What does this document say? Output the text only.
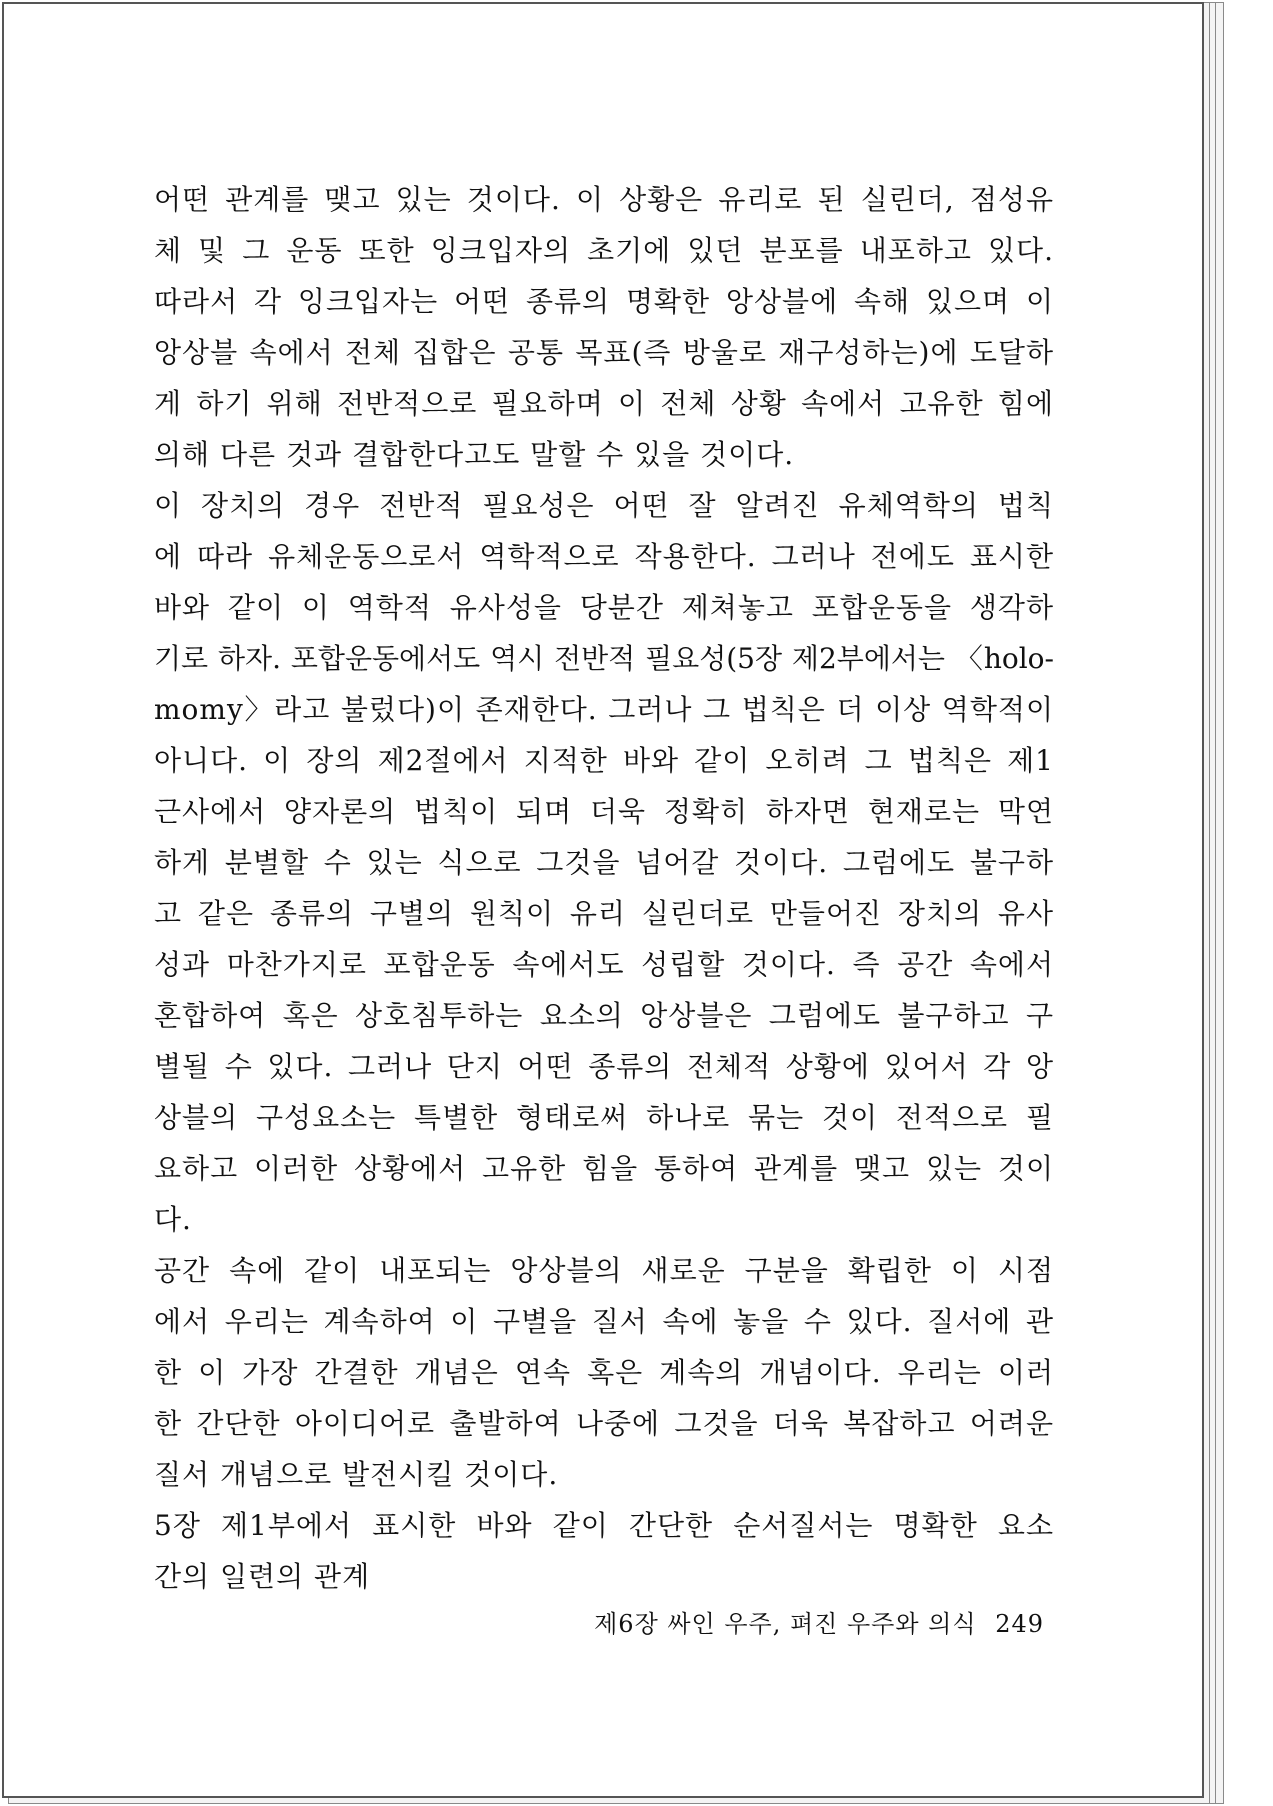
어떤 관계를 맺고 있는 것이다. 이 상황은 유리로 된 실린더, 점성유
체 및 그 운동 또한 잉크입자의 초기에 있던 분포를 내포하고 있다.
따라서 각 잉크입자는 어떤 종류의 명확한 앙상블에 속해 있으며 이
앙상블 속에서 전체 집합은 공통 목표(즉 방울로 재구성하는)에 도달하
게 하기 위해 전반적으로 필요하며 이 전체 상황 속에서 고유한 힘에
의해 다른 것과 결합한다고도 말할 수 있을 것이다.
이 장치의 경우 전반적 필요성은 어떤 잘 알려진 유체역학의 법칙
에 따라 유체운동으로서 역학적으로 작용한다. 그러나 전에도 표시한
바와 같이 이 역학적 유사성을 당분간 제쳐놓고 포합운동을 생각하
기로 하자. 포합운동에서도 역시 전반적 필요성(5장 제2부에서는 〈holo-
momy〉라고 불렀다)이 존재한다. 그러나 그 법칙은 더 이상 역학적이
아니다. 이 장의 제2절에서 지적한 바와 같이 오히려 그 법칙은 제1
근사에서 양자론의 법칙이 되며 더욱 정확히 하자면 현재로는 막연
하게 분별할 수 있는 식으로 그것을 넘어갈 것이다. 그럼에도 불구하
고 같은 종류의 구별의 원칙이 유리 실린더로 만들어진 장치의 유사
성과 마찬가지로 포합운동 속에서도 성립할 것이다. 즉 공간 속에서
혼합하여 혹은 상호침투하는 요소의 앙상블은 그럼에도 불구하고 구
별될 수 있다. 그러나 단지 어떤 종류의 전체적 상황에 있어서 각 앙
상블의 구성요소는 특별한 형태로써 하나로 묶는 것이 전적으로 필
요하고 이러한 상황에서 고유한 힘을 통하여 관계를 맺고 있는 것이
다.
공간 속에 같이 내포되는 앙상블의 새로운 구분을 확립한 이 시점
에서 우리는 계속하여 이 구별을 질서 속에 놓을 수 있다. 질서에 관
한 이 가장 간결한 개념은 연속 혹은 계속의 개념이다. 우리는 이러
한 간단한 아이디어로 출발하여 나중에 그것을 더욱 복잡하고 어려운
질서 개념으로 발전시킬 것이다.
5장 제1부에서 표시한 바와 같이 간단한 순서질서는 명확한 요소
간의 일련의 관계
제6장 싸인 우주, 펴진 우주와 의식 249
